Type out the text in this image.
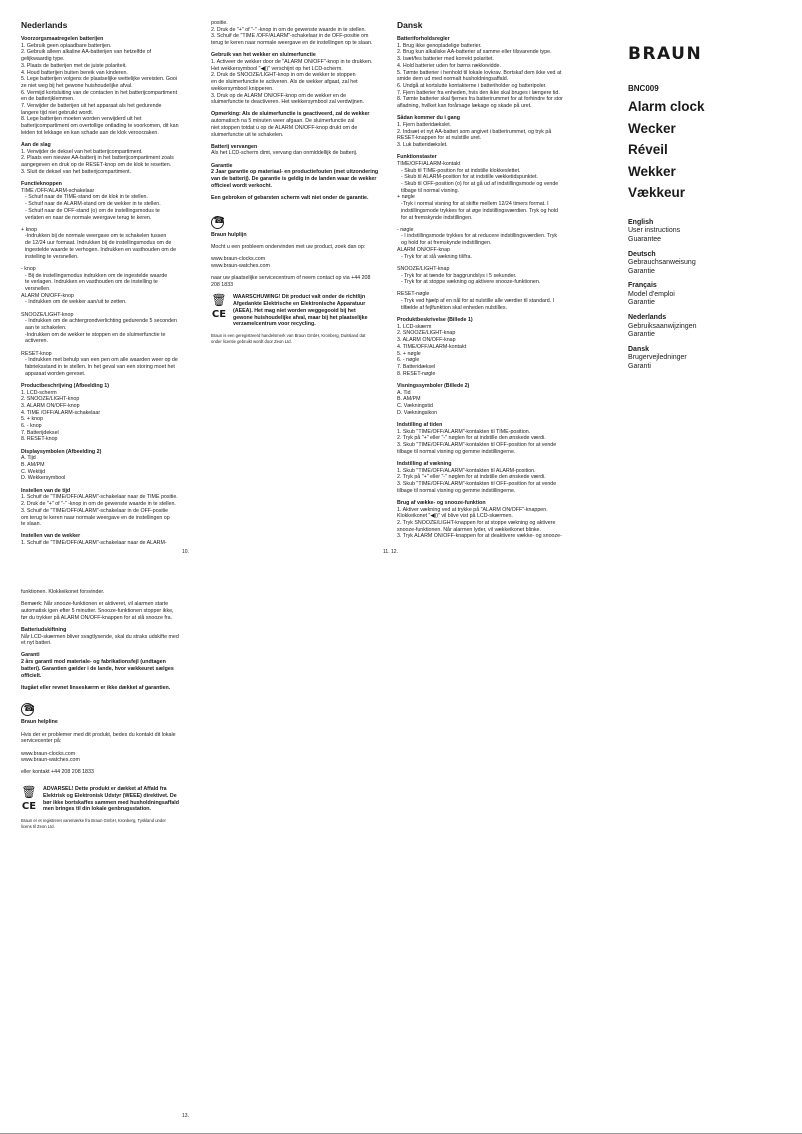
Nederlands

Voorzorgsmaatregelen batterijen

1. Gebruik geen oplaadbare batterijen.

2. Gebruik alleen alkaline AA-batterijen van hetzelfde of

gelijkwaardig type.

3. Plaats de batterijen met de juiste polariteit.

4. Houd batterijen buiten bereik van kinderen.

5. Lege batterijen volgens de plaatselijke wettelijke vereisten. Gooi

ze niet weg bij het gewone huishoudelijke afval.

6. Vermijd kortsluiting van de contacten in het batterijcompartiment

en de batterijklemmen.

7. Verwijder de batterijen uit het apparaat als het gedurende

langere tijd niet gebruikt wordt.

8. Lege batterijen moeten worden verwijderd uit het

batterijcompartiment om overtollige ontlading te voorkomen, dit kan

leiden tot lekkage en kan schade aan de klok veroorzaken.

Aan de slag

1. Verwijder de deksel van het batterijcompartiment.

2. Plaats een nieuwe AA-batterij in het batterijcompartiment zoals

aangegeven en druk op de RESET-knop om de klok te resetten.

3. Sluit de deksel van het batterijcompartiment.

Functieknoppen

TIME /OFF/ALARM-schakelaar

- Schuif naar de TIME-stand om de klok in te stellen.

- Schuif naar de ALARM-stand om de wekker in te stellen.

- Schuif naar de OFF-stand (ο) om de instellingsmodus te

verlaten en naar de normale weergave terug te keren.

+ knop

-Indrukken bij de normale weergave om te schakelen tussen

de 12/24 uur formaat. Indrukken bij de instellingsmodus om de

ingestelde waarde te verhogen. Indrukken en vasthouden om de

instelling te versnellen.

- knop

- Bij de instellingsmodus indrukken om de ingestelde waarde

te verlagen. Indrukken en vasthouden om de instelling te

versnellen.

ALARM ON/OFF-knop

- Indrukken om de wekker aan/uit te zetten.

SNOOZE/LIGHT-knop

- Indrukken om de achtergrondverlichting gedurende 5 seconden

aan te schakelen.

-Indrukken om de wekker te stoppen en de sluimerfunctie te

activeren.

RESET-knop

- Indrukken met behulp van een pen om alle waarden weer op de

fabrieksstand in te stellen. In het geval van een storing moet het

apparaat worden gereset.

Productbeschrijving (Afbeelding 1)

1. LCD-scherm

2. SNOOZE/LIGHT-knop

3. ALARM ON/OFF-knop

4. TIME /OFF/ALARM-schakelaar

5. + knop

6. - knop

7. Batterijdeksel

8. RESET-knop

Displaysymbolen (Afbeelding 2)

A. Tijd

B. AM/PM

C. Wektijd

D. Wekkersymbool

Instellen van de tijd

1. Schuif de "TIME/OFF/ALARM"-schakelaar naar de TIME positie.

2. Druk de "+" of "-" -knop in om de gewenste waarde in te stellen.

3. Schuif de "TIME/OFF/ALARM"-schakelaar in de OFF-positie

om terug te keren naar normale weergave en de instellingen op

te slaan.

Instellen van de wekker

1. Schuif de "TIME/OFF/ALARM"-schakelaar naar de ALARM-

10.

positie.

2. Druk de "+" of "-" -knop in om de gewenste waarde in te stellen.

3. Schuif de "TIME /OFF/ALARM"-schakelaar in de OFF-positie om

terug te keren naar normale weergave en de instellingen op te slaan.

Gebruik van het wekker en sluimerfunctie

1. Activeer de wekker door de "ALARM ON/OFF"-knop in te drukken.

Het wekkersymbool "◀))" verschijnt op het LCD-scherm.

2. Druk de SNOOZE/LIGHT-knop in om de wekker te stoppen

en de sluimerfunctie te activeren. Als de wekker afgaat, zal het

wekkersymbool knipperen.

3. Druk op de ALARM ON/OFF-knop om de wekker en de

sluimerfunctie te deactiveren. Het wekkersymbool zal verdwijnen.

Opmerking: Als de sluimerfunctie is geactiveerd, zal de wekker

automatisch na 5 minuten weer afgaan. De sluimerfunctie zal

niet stoppen totdat u op de ALARM ON/OFF-knop drukt om de

sluimerfunctie uit te schakelen.

Batterij vervangen

Als het LCD-scherm dimt, vervang dan onmiddellijk de batterij.

Garantie

2 Jaar garantie op materiaal- en productiefouten (met uitzondering

van de batterij). De garantie is geldig in de landen waar de wekker

officieel wordt verkocht.

Een gebroken of gebarsten scherm valt niet onder de garantie.

☎

Braun hulplijn

Mocht u een probleem ondervinden met uw product, zoek dan op:

www.braun-clocks.com

www.braun-watches.com

naar uw plaatselijke servicecentrum of neem contact op via +44 208

208 1833

🗑
CE

WAARSCHUWING! Dit product valt onder de richtlijn

Afgedankte Elektrische en Elektronische Apparatuur

(AEEA). Het mag niet worden weggegooid bij het

gewone huishoudelijke afval, maar bij het plaatselijke

verzamelcentrum voor recycling.

Braun is een geregistreerd handelsmerk van Braun GmbH, Kronberg, Duitsland dat

onder licentie gebruikt wordt door Zeon Ltd.

11. 12.
Dansk

Batteriforholdsregler

1. Brug ikke genopladelige batterier.

2. Brug kun alkaliske AA-batterier af samme eller tilsvarende type.

3. Isæt/fes batterier med korrekt polaritet.

4. Hold batterier uden for børns rækkevidde.

5. Tømte batterier i henhold til lokale lovkrav. Bortskaf dem ikke ved at

smide dem ud med normalt husholdningsaffald.

6. Undgå at kortslutte kontakterne i batteriholder og batteripoler.

7. Fjern batterier fra enheden, hvis den ikke skal bruges i længere tid.

8. Tømte batterier skal fjernes fra batterirummet for at forhindre for stor

afladning, hvilket kan forårsage lækage og skade på uret.

Sådan kommer du i gang

1. Fjern batteridækslet.

2. Indsæt et nyt AA-batteri som angivet i batterirummet, og tryk på

RESET-knappen for at nulstille uret.

3. Luk batteridækslet.

Funktionstaster

TIME/OFF/ALARM-kontakt

- Skub til TIME-position for at indstille klokkeslettet.

- Skub til ALARM-position for at indstille vækketidspunktet.

- Skub til OFF-position (ο) for at gå ud af indstillingsmode og vende

tilbage til normal visning.

+ nøgle

-Tryk i normal visning for at skifte mellem 12/24 timers format. I

indstillingsmode trykkes for at øge indstillingsværdien. Tryk og hold

for at fremskynde indstillingen.

- nøgle

- I indstillingsmode trykkes for at reducere indstillingsværdien. Tryk

og hold for at fremskynde indstillingen.

ALARM ON/OFF-knap

- Tryk for at slå vækning til/fra.

SNOOZE/LIGHT-knap

- Tryk for at tænde for baggrundslys i 5 sekunder.

- Tryk for at stoppe vækning og aktivere snooze-funktionen.

RESET-nøgle

- Tryk ved hjælp af en nål for at nulstille alle værdier til standard. I

tilfælde af fejlfunktion skal enheden nulstilles.

Produktbeskrivelse (Billede 1)

1. LCD-skærm

2. SNOOZE/LIGHT-knap

3. ALARM ON/OFF-knap

4. TIME/OFF/ALARM-kontakt

5. + nøgle

6. - nøgle

7. Batteridæksel

8. RESET-nøgle

Visningssymboler (Billede 2)

A. Tid

B. AM/PM

C. Vækningstid

D. Vækningsikon

Indstilling af tiden

1. Skub "TIME/OFF/ALARM"-kontakten til TIME-position.

2. Tryk på "+" eller "-" nøglen for at indstille den ønskede værdi.

3. Skub "TIME/OFF/ALARM"-kontakten til OFF-position for at vende

tilbage til normal visning og gemme indstillingerne.

Indstilling af vækning

1. Skub "TIME/OFF/ALARM"-kontakten til ALARM-position.

2. Tryk på "+" eller "-" nøglen for at indstille den ønskede værdi.

3. Skub "TIME/OFF/ALARM"-kontakten til OFF-position for at vende

tilbage til normal visning og gemme indstillingerne.

Brug af vække- og snooze-funktion

1. Aktiver vækning ved at trykke på "ALARM ON/OFF"-knappen.

Klokkeikonet "◀))" vil blive vist på LCD-skærmen.

2. Tryk SNOOZE/LIGHT-knappen for at stoppe vækning og aktivere

snooze-funktionen. Når alarmen lyder, vil vækkeikonet blinke.

3. Tryk ALARM ON/OFF-knappen for at deaktivere vække- og snooze-

BRAUN
BNC009
Alarm clock
Wecker
Réveil
Wekker
Vækkeur
English
User instructions
Guarantee
Deutsch
Gebrauchsanweisung
Garantie
Français
Model d'emploi
Garantie
Nederlands
Gebruiksaanwijzingen
Garantie
Dansk
Brugervejledninger
Garanti

funktionen. Klokkeikonet forsvinder.

Bemærk: Når snooze-funktionen er aktiveret, vil alarmen starte

automatisk igen efter 5 minutter. Snooze-funktionen stopper ikke,

før du trykker på ALARM ON/OFF-knappen for at slå snooze fra.

Batteriudskiftning

Når LCD-skærmen bliver svagtlysende, skal du straks udskifte med

et nyt batteri.

Garanti

2 års garanti mod materiale- og fabrikationsfejl (undtagen

batteri). Garantien gælder i de lande, hvor vækkeuret sælges

officielt.

Itugået eller revnet linseskærm er ikke dækket af garantien.

☎

Braun helpline

Hvis der er problemer med dit produkt, bedes du kontakt dit lokale

servicecenter på:

www.braun-clocks.com

www.braun-watches.com

eller kontakt +44 208 208 1833

🗑
CE

ADVARSEL! Dette produkt er dækket af Affald fra

Elektrisk og Elektronisk Udstyr (WEEE) direktivet. De

bør ikke bortskaffes sammen med husholdningsaffald

men bringes til din lokale genbrugsstation.

Braun er et registreret varemærke fra Braun GmbH, Kronberg, Tyskland under

licens til Zeon Ltd.

13.
